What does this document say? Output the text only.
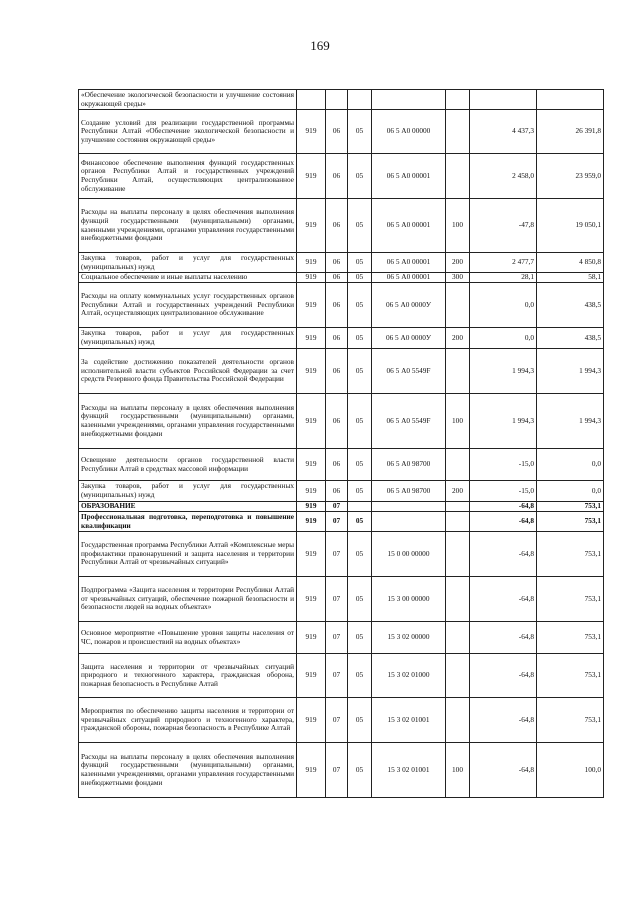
169
«Обеспечение экологической безопасности и улучшение состояния окружающей среды»							
Создание условий для реализации государственной программы Республики Алтай «Обеспечение экологической безопасности и улучшение состояния окружающей среды»	919	06	05	06 5 А0 00000		4 437,3	26 391,8
Финансовое обеспечение выполнения функций государственных органов Республики Алтай и государственных учреждений Республики Алтай, осуществляющих централизованное обслуживание	919	06	05	06 5 А0 00001		2 458,0	23 959,0
Расходы на выплаты персоналу в целях обеспечения выполнения функций государственными (муниципальными) органами, казенными учреждениями, органами управления государственными внебюджетными фондами	919	06	05	06 5 А0 00001	100	-47,8	19 050,1
Закупка товаров, работ и услуг для государственных (муниципальных) нужд	919	06	05	06 5 А0 00001	200	2 477,7	4 850,8
Социальное обеспечение и иные выплаты населению	919	06	05	06 5 А0 00001	300	28,1	58,1
Расходы на оплату коммунальных услуг государственных органов Республики Алтай и государственных учреждений Республики Алтай, осуществляющих централизованное обслуживание	919	06	05	06 5 А0 0000У		0,0	438,5
Закупка товаров, работ и услуг для государственных (муниципальных) нужд	919	06	05	06 5 А0 0000У	200	0,0	438,5
За содействие достижению показателей деятельности органов исполнительной власти субъектов Российской Федерации за счет средств Резервного фонда Правительства Российской Федерации	919	06	05	06 5 А0 5549F		1 994,3	1 994,3
Расходы на выплаты персоналу в целях обеспечения выполнения функций государственными (муниципальными) органами, казенными учреждениями, органами управления государственными внебюджетными фондами	919	06	05	06 5 А0 5549F	100	1 994,3	1 994,3
Освещение деятельности органов государственной власти Республики Алтай в средствах массовой информации	919	06	05	06 5 А0 98700		-15,0	0,0
Закупка товаров, работ и услуг для государственных (муниципальных) нужд	919	06	05	06 5 А0 98700	200	-15,0	0,0
ОБРАЗОВАНИЕ	919	07				-64,8	753,1
Профессиональная подготовка, переподготовка и повышение квалификации	919	07	05			-64,8	753,1
Государственная программа Республики Алтай «Комплексные меры профилактики правонарушений и защита населения и территории Республики Алтай от чрезвычайных ситуаций»	919	07	05	15 0 00 00000		-64,8	753,1
Подпрограмма «Защита населения и территории Республики Алтай от чрезвычайных ситуаций, обеспечение пожарной безопасности и безопасности людей на водных объектах»	919	07	05	15 3 00 00000		-64,8	753,1
Основное мероприятие «Повышение уровня защиты населения от ЧС, пожаров и происшествий на водных объектах»	919	07	05	15 3 02 00000		-64,8	753,1
Защита населения и территории от чрезвычайных ситуаций природного и техногенного характера, гражданская оборона, пожарная безопасность в Республике Алтай	919	07	05	15 3 02 01000		-64,8	753,1
Мероприятия по обеспечению защиты населения и территории от чрезвычайных ситуаций природного и техногенного характера, гражданской обороны, пожарная безопасность в Республике Алтай	919	07	05	15 3 02 01001		-64,8	753,1
Расходы на выплаты персоналу в целях обеспечения выполнения функций государственными (муниципальными) органами, казенными учреждениями, органами управления государственными внебюджетными фондами	919	07	05	15 3 02 01001	100	-64,8	100,0
